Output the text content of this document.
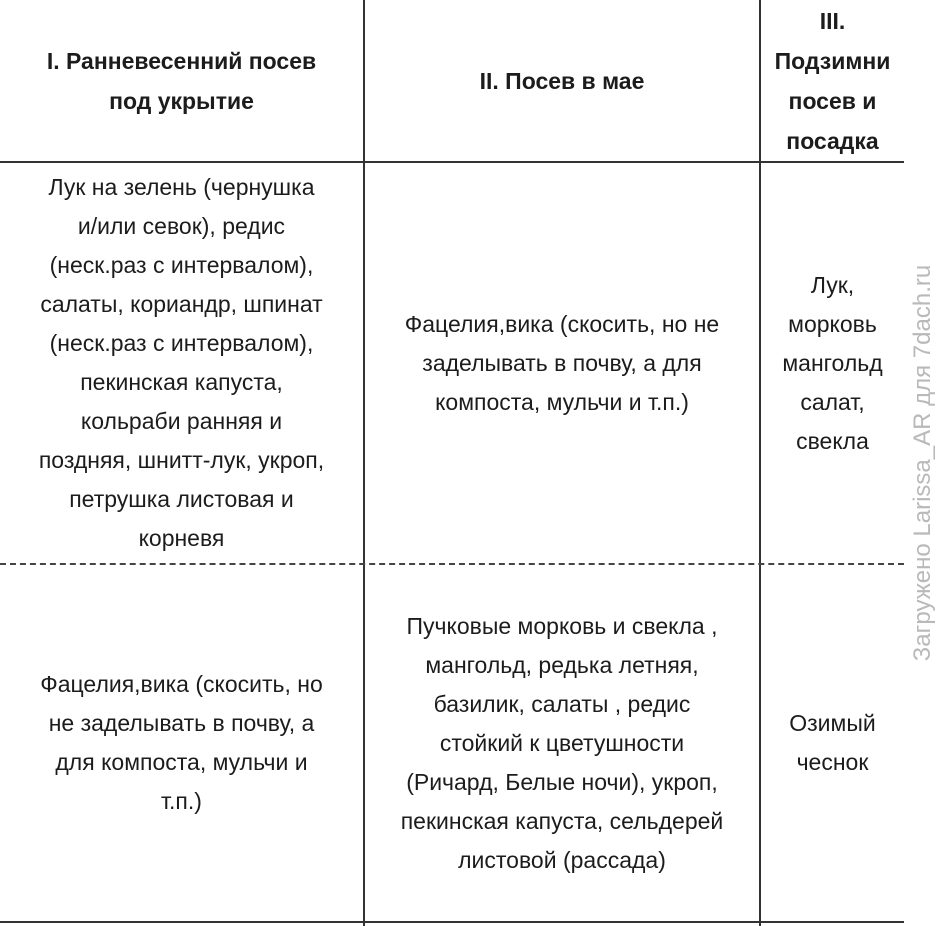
I. Ранневесенний посев
под укрытие
II. Посев в мае
III.
Подзимни
посев и
посадка
Лук на зелень (чернушка
и/или севок), редис
(неск.раз с интервалом),
салаты, кориандр, шпинат
(неск.раз с интервалом),
пекинская капуста,
кольраби ранняя и
поздняя, шнитт-лук, укроп,
петрушка листовая и
корневя
Фацелия,вика (скосить, но не
заделывать в почву, а для
компоста, мульчи и т.п.)
Лук,
морковь
мангольд
салат,
свекла
Фацелия,вика (скосить, но
не заделывать в почву, а
для компоста, мульчи и
т.п.)
Пучковые морковь и свекла ,
мангольд, редька летняя,
базилик, салаты , редис
стойкий к цветушности
(Ричард, Белые ночи), укроп,
пекинская капуста, сельдерей
листовой (рассада)
Озимый
чеснок
Загружено Larissa_AR для 7dach.ru
